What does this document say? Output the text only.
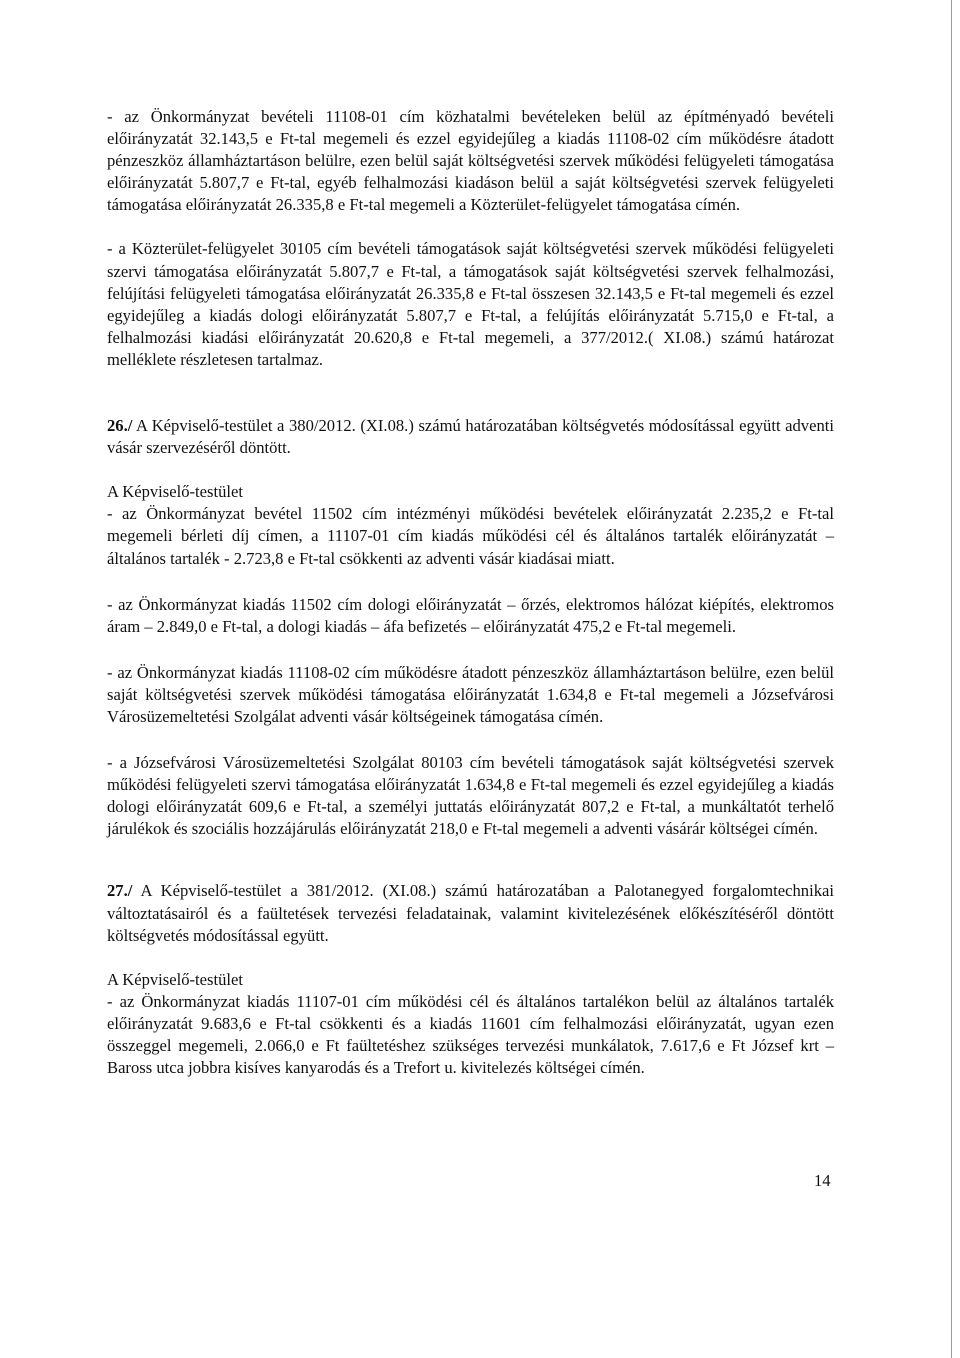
- az Önkormányzat bevételi 11108-01 cím közhatalmi bevételeken belül az építményadó bevételi előirányzatát 32.143,5 e Ft-tal megemeli és ezzel egyidejűleg a kiadás 11108-02 cím működésre átadott pénzeszköz államháztartáson belülre, ezen belül saját költségvetési szervek működési felügyeleti támogatása előirányzatát 5.807,7 e Ft-tal, egyéb felhalmozási kiadáson belül a saját költségvetési szervek felügyeleti támogatása előirányzatát 26.335,8 e Ft-tal megemeli a Közterület-felügyelet támogatása címén.

- a Közterület-felügyelet 30105 cím bevételi támogatások saját költségvetési szervek működési felügyeleti szervi támogatása előirányzatát 5.807,7 e Ft-tal, a támogatások saját költségvetési szervek felhalmozási, felújítási felügyeleti támogatása előirányzatát 26.335,8 e Ft-tal összesen 32.143,5 e Ft-tal megemeli és ezzel egyidejűleg a kiadás dologi előirányzatát 5.807,7 e Ft-tal, a felújítás előirányzatát 5.715,0 e Ft-tal, a felhalmozási kiadási előirányzatát 20.620,8 e Ft-tal megemeli, a 377/2012.( XI.08.) számú határozat melléklete részletesen tartalmaz.

26./ A Képviselő-testület a 380/2012. (XI.08.) számú határozatában költségvetés módosítással együtt adventi vásár szervezéséről döntött.

A Képviselő-testület

- az Önkormányzat bevétel 11502 cím intézményi működési bevételek előirányzatát 2.235,2 e Ft-tal megemeli bérleti díj címen, a 11107-01 cím kiadás működési cél és általános tartalék előirányzatát – általános tartalék - 2.723,8 e Ft-tal csökkenti az adventi vásár kiadásai miatt.

- az Önkormányzat kiadás 11502 cím dologi előirányzatát – őrzés, elektromos hálózat kiépítés, elektromos áram – 2.849,0 e Ft-tal, a dologi kiadás – áfa befizetés – előirányzatát 475,2 e Ft-tal megemeli.

- az Önkormányzat kiadás 11108-02 cím működésre átadott pénzeszköz államháztartáson belülre, ezen belül saját költségvetési szervek működési támogatása előirányzatát 1.634,8 e Ft-tal megemeli a Józsefvárosi Városüzemeltetési Szolgálat adventi vásár költségeinek támogatása címén.

- a Józsefvárosi Városüzemeltetési Szolgálat 80103 cím bevételi támogatások saját költségvetési szervek működési felügyeleti szervi támogatása előirányzatát 1.634,8 e Ft-tal megemeli és ezzel egyidejűleg a kiadás dologi előirányzatát 609,6 e Ft-tal, a személyi juttatás előirányzatát 807,2 e Ft-tal, a munkáltatót terhelő járulékok és szociális hozzájárulás előirányzatát 218,0 e Ft-tal megemeli a adventi vásárár költségei címén.

27./ A Képviselő-testület a 381/2012. (XI.08.) számú határozatában a Palotanegyed forgalomtechnikai változtatásairól és a faültetések tervezési feladatainak, valamint kivitelezésének előkészítéséről döntött költségvetés módosítással együtt.

A Képviselő-testület

- az Önkormányzat kiadás 11107-01 cím működési cél és általános tartalékon belül az általános tartalék előirányzatát 9.683,6 e Ft-tal csökkenti és a kiadás 11601 cím felhalmozási előirányzatát, ugyan ezen összeggel megemeli, 2.066,0 e Ft faültetéshez szükséges tervezési munkálatok, 7.617,6 e Ft József krt – Baross utca jobbra kisíves kanyarodás és a Trefort u. kivitelezés költségei címén.

14
